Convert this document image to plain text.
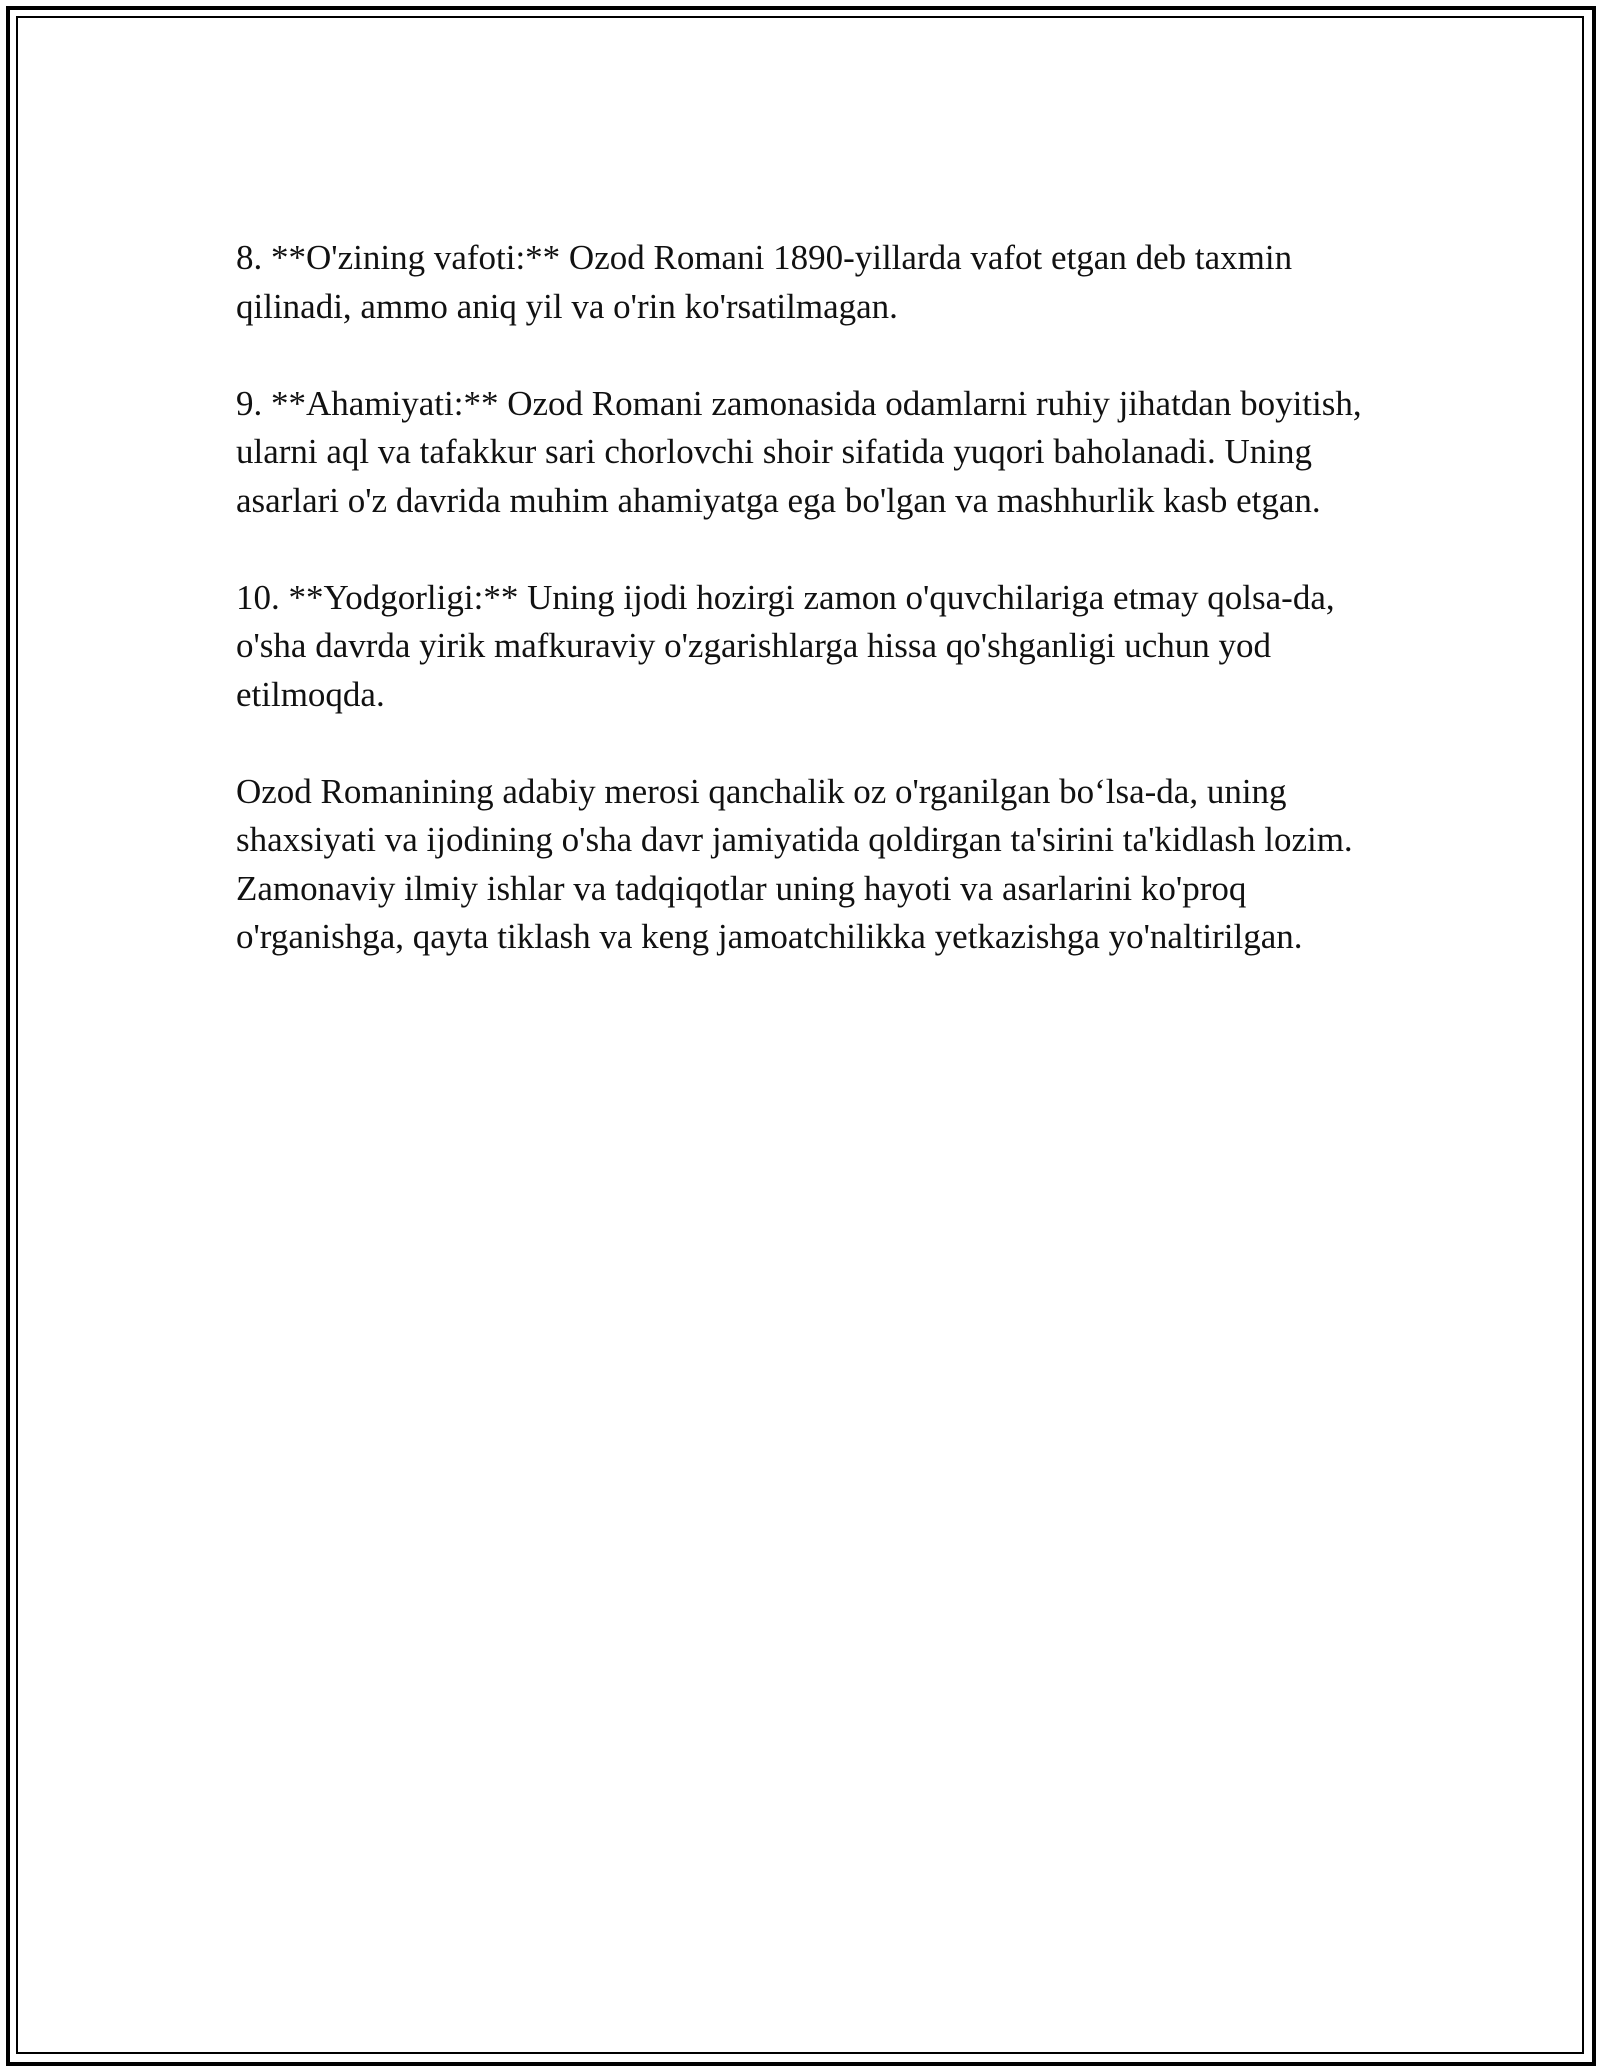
8. **O'zining vafoti:** Ozod Romani 1890-yillarda vafot etgan deb taxmin qilinadi, ammo aniq yil va o'rin ko'rsatilmagan.

9. **Ahamiyati:** Ozod Romani zamonasida odamlarni ruhiy jihatdan boyitish, ularni aql va tafakkur sari chorlovchi shoir sifatida yuqori baholanadi. Uning asarlari o'z davrida muhim ahamiyatga ega bo'lgan va mashhurlik kasb etgan.

10. **Yodgorligi:** Uning ijodi hozirgi zamon o'quvchilariga etmay qolsa-da, o'sha davrda yirik mafkuraviy o'zgarishlarga hissa qo'shganligi uchun yod etilmoqda.

Ozod Romanining adabiy merosi qanchalik oz o'rganilgan bo‘lsa-da, uning shaxsiyati va ijodining o'sha davr jamiyatida qoldirgan ta'sirini ta'kidlash lozim. Zamonaviy ilmiy ishlar va tadqiqotlar uning hayoti va asarlarini ko'proq o'rganishga, qayta tiklash va keng jamoatchilikka yetkazishga yo'naltirilgan.
